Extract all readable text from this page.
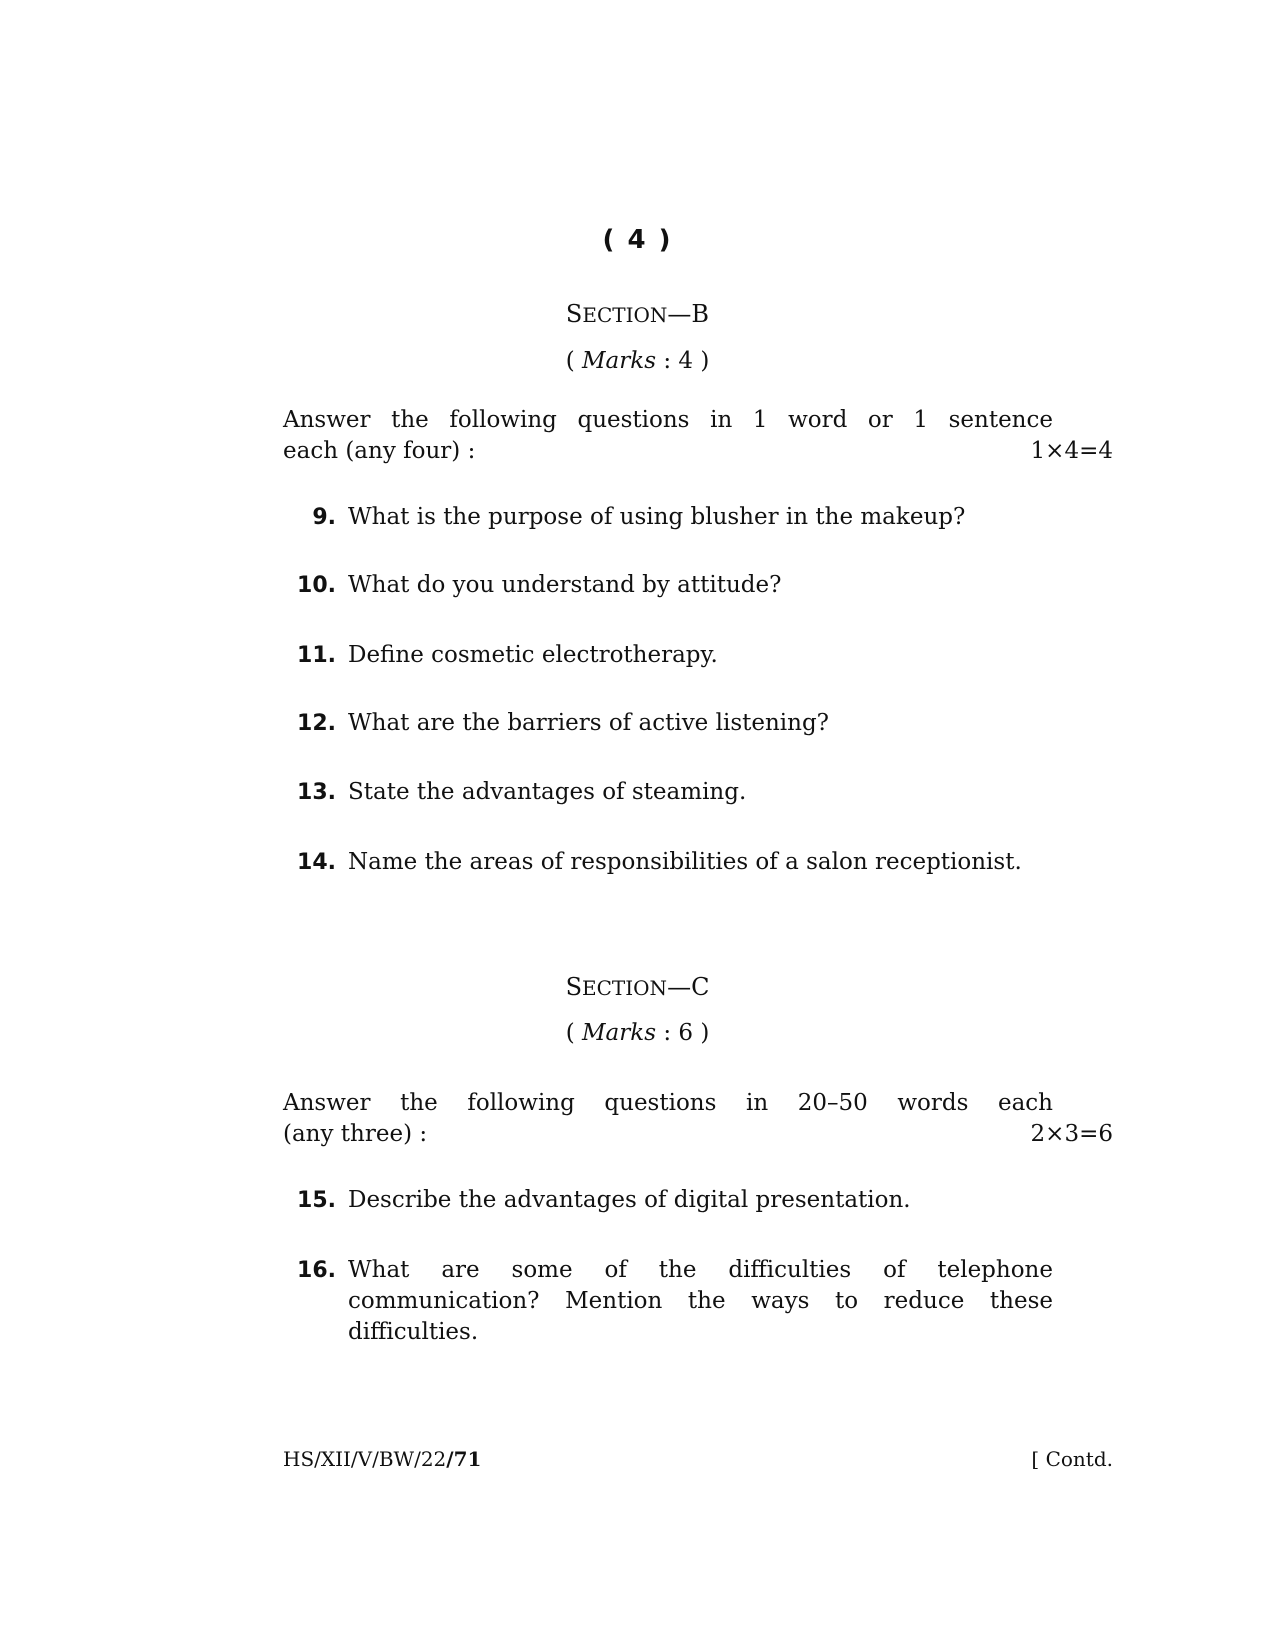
( 4 )
SECTION—B
( Marks : 4 )
Answer the following questions in 1 word or 1 sentence
each (any four) :	1×4=4
9. What is the purpose of using blusher in the makeup?
10. What do you understand by attitude?
11. Define cosmetic electrotherapy.
12. What are the barriers of active listening?
13. State the advantages of steaming.
14. Name the areas of responsibilities of a salon receptionist.
SECTION—C
( Marks : 6 )
Answer the following questions in 20–50 words each
(any three) :	2×3=6
15. Describe the advantages of digital presentation.
16. What are some of the difficulties of telephone communication? Mention the ways to reduce these difficulties.
HS/XII/V/BW/22/71	[ Contd.
